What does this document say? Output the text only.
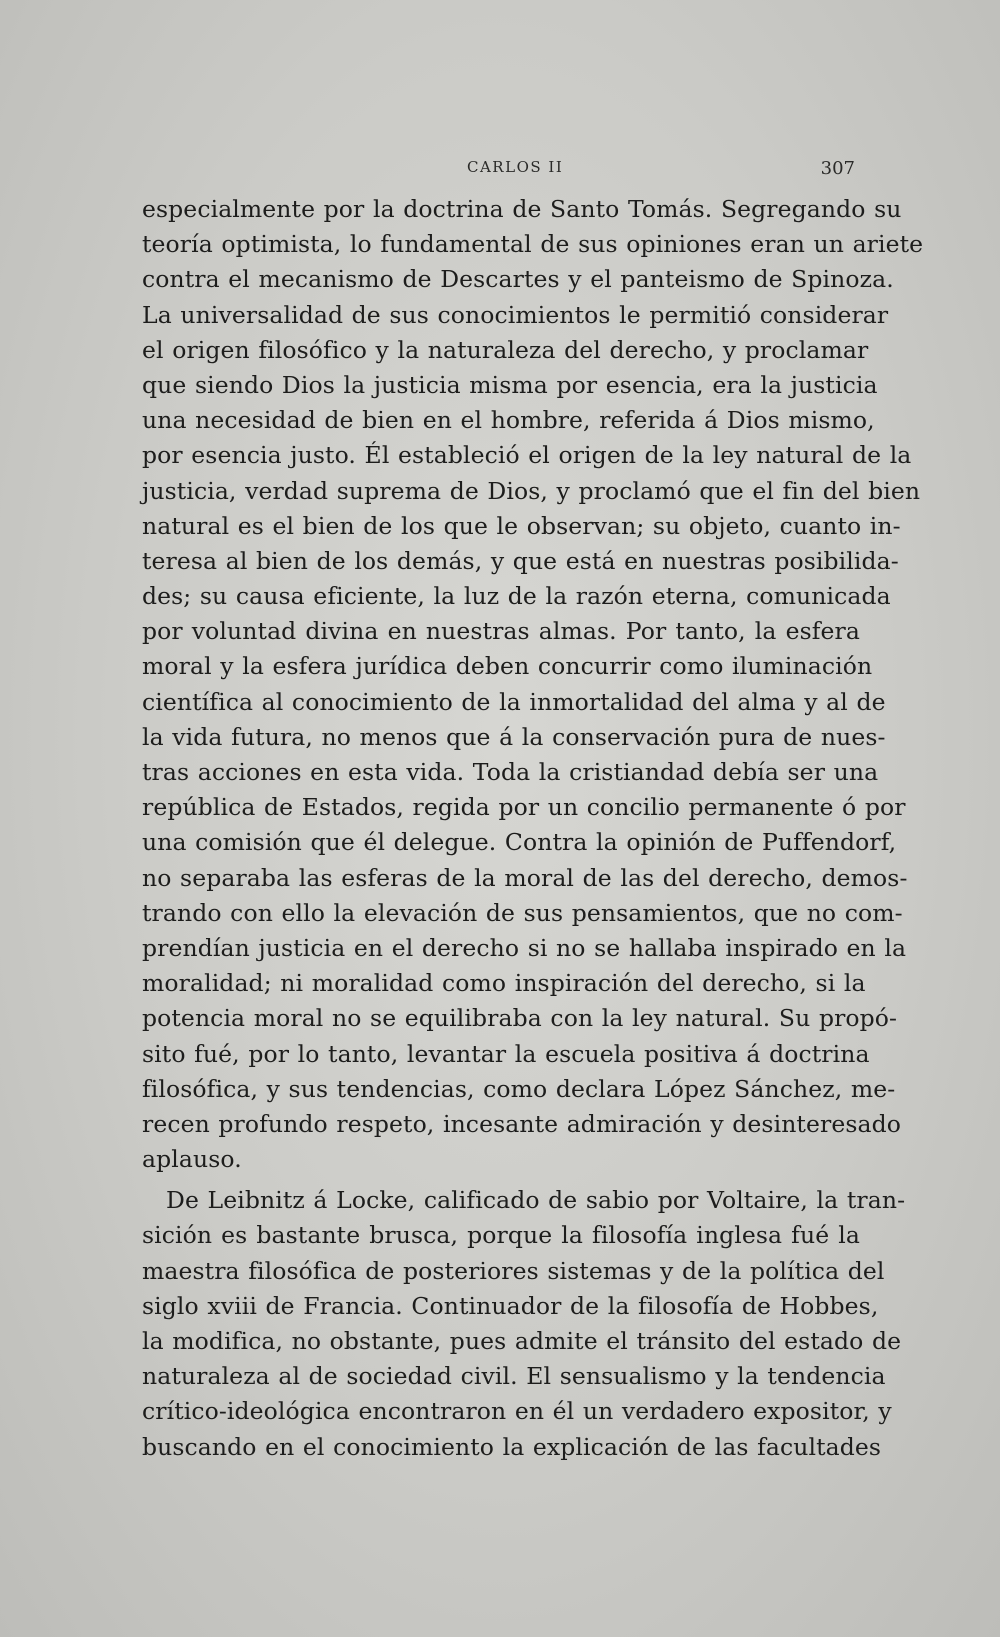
CARLOS II	307
especialmente por la doctrina de Santo Tomás. Segregando su
teoría optimista, lo fundamental de sus opiniones eran un ariete
contra el mecanismo de Descartes y el panteismo de Spinoza.
La universalidad de sus conocimientos le permitió considerar
el origen filosófico y la naturaleza del derecho, y proclamar
que siendo Dios la justicia misma por esencia, era la justicia
una necesidad de bien en el hombre, referida á Dios mismo,
por esencia justo. Él estableció el origen de la ley natural de la
justicia, verdad suprema de Dios, y proclamó que el fin del bien
natural es el bien de los que le observan; su objeto, cuanto in-
teresa al bien de los demás, y que está en nuestras posibilida-
des; su causa eficiente, la luz de la razón eterna, comunicada
por voluntad divina en nuestras almas. Por tanto, la esfera
moral y la esfera jurídica deben concurrir como iluminación
científica al conocimiento de la inmortalidad del alma y al de
la vida futura, no menos que á la conservación pura de nues-
tras acciones en esta vida. Toda la cristiandad debía ser una
república de Estados, regida por un concilio permanente ó por
una comisión que él delegue. Contra la opinión de Puffendorf,
no separaba las esferas de la moral de las del derecho, demos-
trando con ello la elevación de sus pensamientos, que no com-
prendían justicia en el derecho si no se hallaba inspirado en la
moralidad; ni moralidad como inspiración del derecho, si la
potencia moral no se equilibraba con la ley natural. Su propó-
sito fué, por lo tanto, levantar la escuela positiva á doctrina
filosófica, y sus tendencias, como declara López Sánchez, me-
recen profundo respeto, incesante admiración y desinteresado
aplauso.
De Leibnitz á Locke, calificado de sabio por Voltaire, la tran-
sición es bastante brusca, porque la filosofía inglesa fué la
maestra filosófica de posteriores sistemas y de la política del
siglo xviii de Francia. Continuador de la filosofía de Hobbes,
la modifica, no obstante, pues admite el tránsito del estado de
naturaleza al de sociedad civil. El sensualismo y la tendencia
crítico-ideológica encontraron en él un verdadero expositor, y
buscando en el conocimiento la explicación de las facultades
